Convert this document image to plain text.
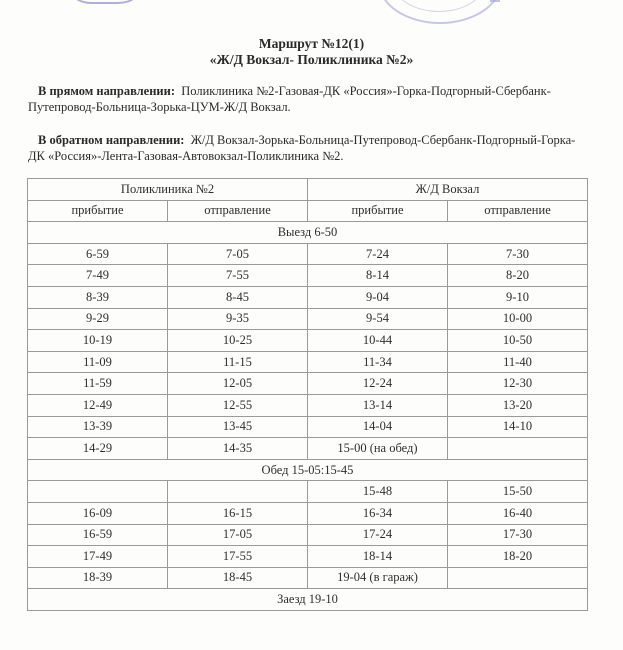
Маршрут №12(1)
«Ж/Д Вокзал- Поликлиника №2»
В прямом направлении: Поликлиника №2-Газовая-ДК «Россия»-Горка-Подгорный-Сбербанк-Путепровод-Больница-Зорька-ЦУМ-Ж/Д Вокзал.
В обратном направлении: Ж/Д Вокзал-Зорька-Больница-Путепровод-Сбербанк-Подгорный-Горка-ДК «Россия»-Лента-Газовая-Автовокзал-Поликлиника №2.
Поликлиника №2		Ж/Д Вокзал	
прибытие	отправление	прибытие	отправление
Выезд 6-50			
6-59	7-05	7-24	7-30
7-49	7-55	8-14	8-20
8-39	8-45	9-04	9-10
9-29	9-35	9-54	10-00
10-19	10-25	10-44	10-50
11-09	11-15	11-34	11-40
11-59	12-05	12-24	12-30
12-49	12-55	13-14	13-20
13-39	13-45	14-04	14-10
14-29	14-35	15-00 (на обед)	
Обед 15-05:15-45			
		15-48	15-50
16-09	16-15	16-34	16-40
16-59	17-05	17-24	17-30
17-49	17-55	18-14	18-20
18-39	18-45	19-04 (в гараж)	
Заезд 19-10			
